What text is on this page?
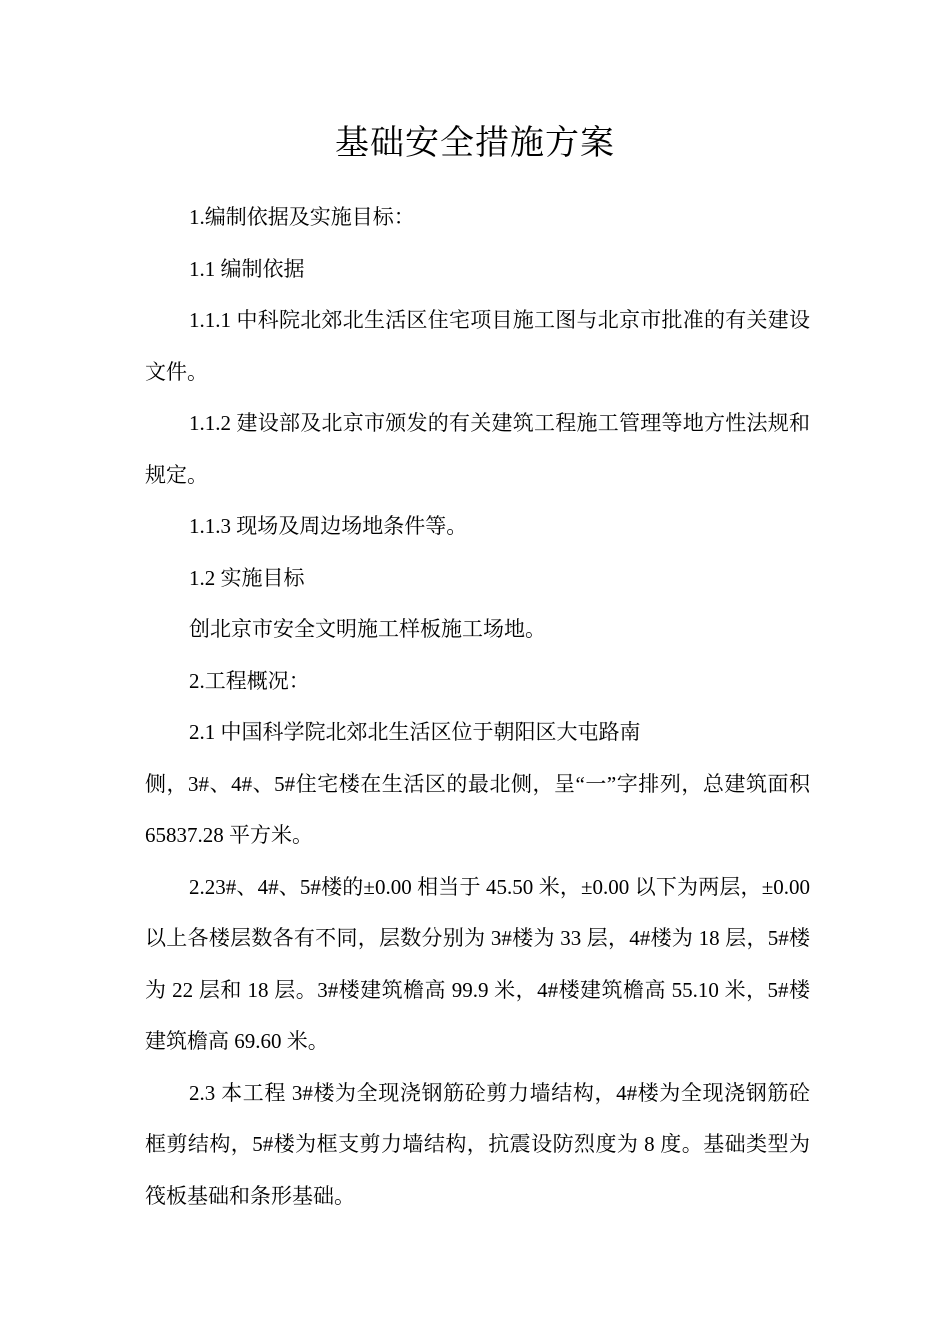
基础安全措施方案

1.编制依据及实施目标：

1.1 编制依据

1.1.1 中科院北郊北生活区住宅项目施工图与北京市批准的有关建设文件。

1.1.2 建设部及北京市颁发的有关建筑工程施工管理等地方性法规和规定。

1.1.3 现场及周边场地条件等。

1.2 实施目标

创北京市安全文明施工样板施工场地。

2.工程概况：

2.1 中国科学院北郊北生活区位于朝阳区大屯路南

侧，3#、4#、5#住宅楼在生活区的最北侧，呈“一”字排列，总建筑面积 65837.28 平方米。

2.23#、4#、5#楼的±0.00 相当于 45.50 米，±0.00 以下为两层，±0.00 以上各楼层数各有不同，层数分别为 3#楼为 33 层，4#楼为 18 层，5#楼为 22 层和 18 层。3#楼建筑檐高 99.9 米，4#楼建筑檐高 55.10 米，5#楼建筑檐高 69.60 米。

2.3 本工程 3#楼为全现浇钢筋砼剪力墙结构，4#楼为全现浇钢筋砼框剪结构，5#楼为框支剪力墙结构，抗震设防烈度为 8 度。基础类型为筏板基础和条形基础。
